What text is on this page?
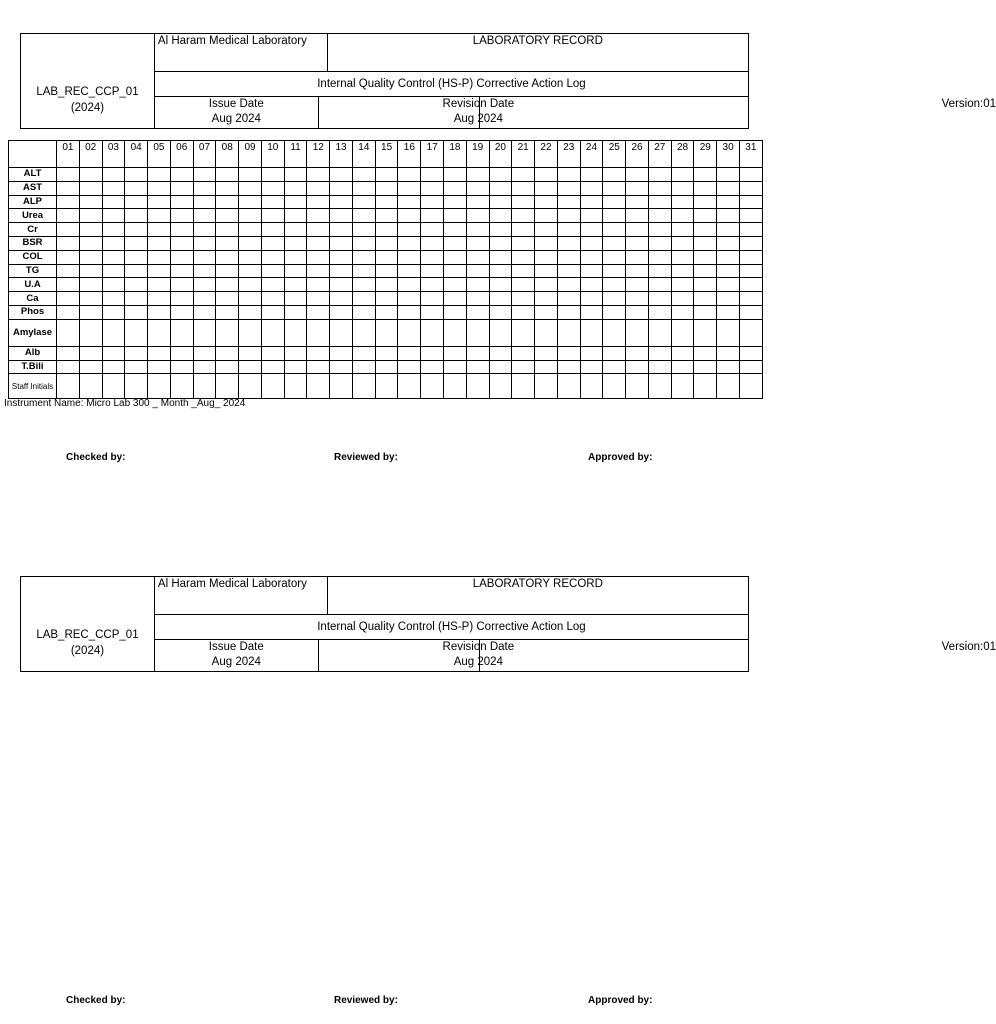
LAB_REC_CCP_01
(2024)	Al Haram Medical Laboratory		LABORATORY RECORD
	Internal Quality Control (HS-P) Corrective Action Log		
	Issue Date
Aug 2024	Revision Date
Aug 2024
Version:01	
	01	02	03	04	05	06	07	08	09	10	11	12	13	14	15	16	17	18	19	20	21	22	23	24	25	26	27	28	29	30	31
ALT																															
AST																															
ALP																															
Urea																															
Cr																															
BSR																															
COL																															
TG																															
U.A																															
Ca																															
Phos																															
Amylase																															
Alb																															
T.Bili																															
Staff Initials																															
Instrument Name: Micro Lab 300 _ Month _Aug_ 2024
Checked by:	Reviewed by:	Approved by:
LAB_REC_CCP_01
(2024)	Al Haram Medical Laboratory		LABORATORY RECORD
	Internal Quality Control (HS-P) Corrective Action Log		
	Issue Date
Aug 2024	Revision Date
Aug 2024
Version:01	
Checked by:	Reviewed by:	Approved by:
